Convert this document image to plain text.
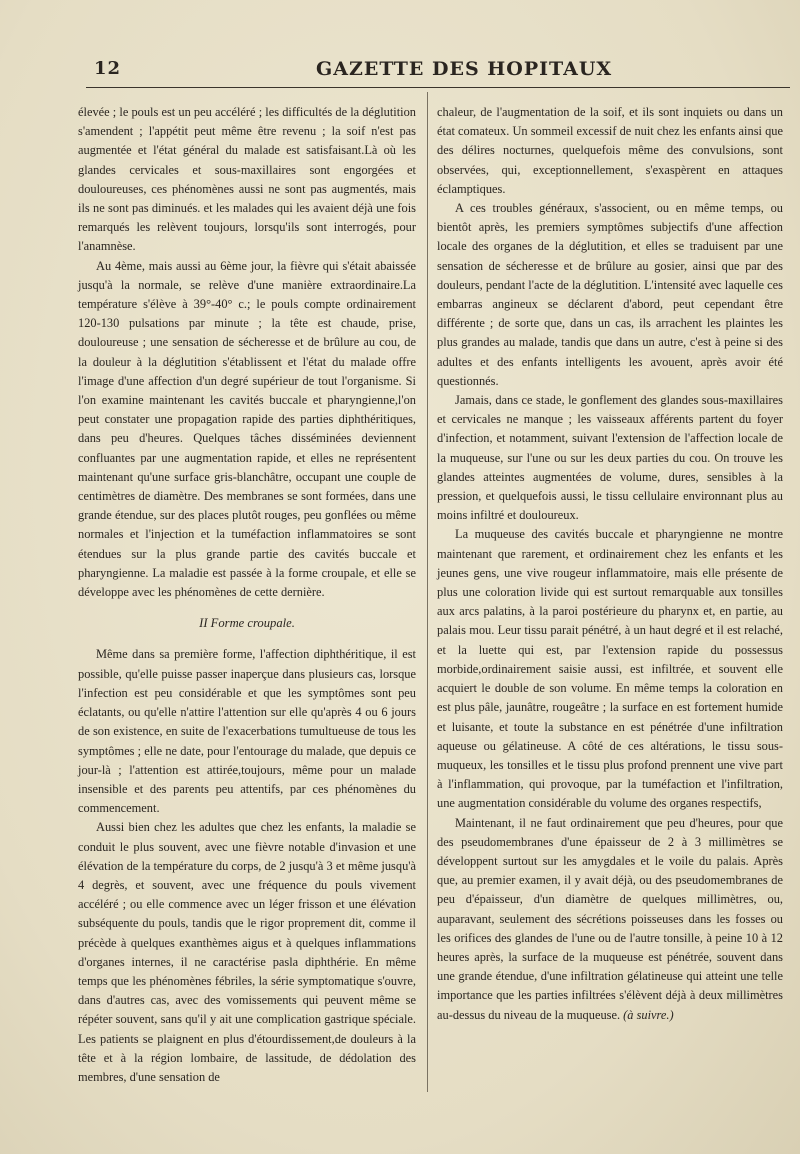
12	GAZETTE DES HOPITAUX

élevée ; le pouls est un peu accéléré ; les difficultés de la déglutition s'amendent ; l'appétit peut même être revenu ; la soif n'est pas augmentée et l'état général du malade est satisfaisant.Là où les glandes cervicales et sous-maxillaires sont engorgées et douloureuses, ces phénomènes aussi ne sont pas augmentés, mais ils ne sont pas diminués. et les malades qui les avaient déjà une fois remarqués les relèvent toujours, lorsqu'ils sont interrogés, pour l'anamnèse.

Au 4ème, mais aussi au 6ème jour, la fièvre qui s'était abaissée jusqu'à la normale, se relève d'une manière extraordinaire.La température s'élève à 39°-40° c.; le pouls compte ordinairement 120-130 pulsations par minute ; la tête est chaude, prise, douloureuse ; une sensation de sécheresse et de brûlure au cou, de la douleur à la déglutition s'établissent et l'état du malade offre l'image d'une affection d'un degré supérieur de tout l'organisme. Si l'on examine maintenant les cavités buccale et pharyngienne,l'on peut constater une propagation rapide des parties diphthéritiques, dans peu d'heures. Quelques tâches disséminées deviennent confluantes par une augmentation rapide, et elles ne représentent maintenant qu'une surface gris-blanchâtre, occupant une couple de centimètres de diamètre. Des membranes se sont formées, dans une grande étendue, sur des places plutôt rouges, peu gonflées ou même normales et l'injection et la tuméfaction inflammatoires se sont étendues sur la plus grande partie des cavités buccale et pharyngienne. La maladie est passée à la forme croupale, et elle se développe avec les phénomènes de cette dernière.

II Forme croupale.

Même dans sa première forme, l'affection diphthéritique, il est possible, qu'elle puisse passer inaperçue dans plusieurs cas, lorsque l'infection est peu considérable et que les symptômes sont peu éclatants, ou qu'elle n'attire l'attention sur elle qu'après 4 ou 6 jours de son existence, en suite de l'exacerbations tumultueuse de tous les symptômes ; elle ne date, pour l'entourage du malade, que depuis ce jour-là ; l'attention est attirée,toujours, même pour un malade insensible et des parents peu attentifs, par ces phénomènes du commencement.

Aussi bien chez les adultes que chez les enfants, la maladie se conduit le plus souvent, avec une fièvre notable d'invasion et une élévation de la température du corps, de 2 jusqu'à 3 et même jusqu'à 4 degrès, et souvent, avec une fréquence du pouls vivement accéléré ; ou elle commence avec un léger frisson et une élévation subséquente du pouls, tandis que le rigor proprement dit, comme il précède à quelques exanthèmes aigus et à quelques inflammations d'organes internes, il ne caractérise pasla diphthérie. En même temps que les phénomènes fébriles, la série symptomatique s'ouvre, dans d'autres cas, avec des vomissements qui peuvent même se répéter souvent, sans qu'il y ait une complication gastrique spéciale. Les patients se plaignent en plus d'étourdissement,de douleurs à la tête et à la région lombaire, de lassitude, de dédolation des membres, d'une sensation de

chaleur, de l'augmentation de la soif, et ils sont inquiets ou dans un état comateux. Un sommeil excessif de nuit chez les enfants ainsi que des délires nocturnes, quelquefois même des convulsions, sont observées, qui, exceptionnellement, s'exaspèrent en attaques éclamptiques.

A ces troubles généraux, s'associent, ou en même temps, ou bientôt après, les premiers symptômes subjectifs d'une affection locale des organes de la déglutition, et elles se traduisent par une sensation de sécheresse et de brûlure au gosier, ainsi que par des douleurs, pendant l'acte de la déglutition. L'intensité avec laquelle ces embarras angineux se déclarent d'abord, peut cependant être différente ; de sorte que, dans un cas, ils arrachent les plaintes les plus grandes au malade, tandis que dans un autre, c'est à peine si des adultes et des enfants intelligents les avouent, après avoir été questionnés.

Jamais, dans ce stade, le gonflement des glandes sous-maxillaires et cervicales ne manque ; les vaisseaux afférents partent du foyer d'infection, et notamment, suivant l'extension de l'affection locale de la muqueuse, sur l'une ou sur les deux parties du cou. On trouve les glandes atteintes augmentées de volume, dures, sensibles à la pression, et quelquefois aussi, le tissu cellulaire environnant plus au moins infiltré et douloureux.

La muqueuse des cavités buccale et pharyngienne ne montre maintenant que rarement, et ordinairement chez les enfants et les jeunes gens, une vive rougeur inflammatoire, mais elle présente de plus une coloration livide qui est surtout remarquable aux tonsilles aux arcs palatins, à la paroi postérieure du pharynx et, en partie, au palais mou. Leur tissu parait pénétré, à un haut degré et il est relaché, et la luette qui est, par l'extension rapide du possessus morbide,ordinairement saisie aussi, est infiltrée, et souvent elle acquiert le double de son volume. En même temps la coloration en est plus pâle, jaunâtre, rougeâtre ; la surface en est fortement humide et luisante, et toute la substance en est pénétrée d'une infiltration aqueuse ou gélatineuse. A côté de ces altérations, le tissu sous-muqueux, les tonsilles et le tissu plus profond prennent une vive part à l'inflammation, qui provoque, par la tuméfaction et l'infiltration, une augmentation considérable du volume des organes respectifs,

Maintenant, il ne faut ordinairement que peu d'heures, pour que des pseudomembranes d'une épaisseur de 2 à 3 millimètres se développent surtout sur les amygdales et le voile du palais. Après que, au premier examen, il y avait déjà, ou des pseudomembranes de peu d'épaisseur, d'un diamètre de quelques millimètres, ou, auparavant, seulement des sécrétions poisseuses dans les fosses ou les orifices des glandes de l'une ou de l'autre tonsille, à peine 10 à 12 heures après, la surface de la muqueuse est pénétrée, souvent dans une grande étendue, d'une infiltration gélatineuse qui atteint une telle importance que les parties infiltrées s'élèvent déjà à deux millimètres au-dessus du niveau de la muqueuse. (à suivre.)
